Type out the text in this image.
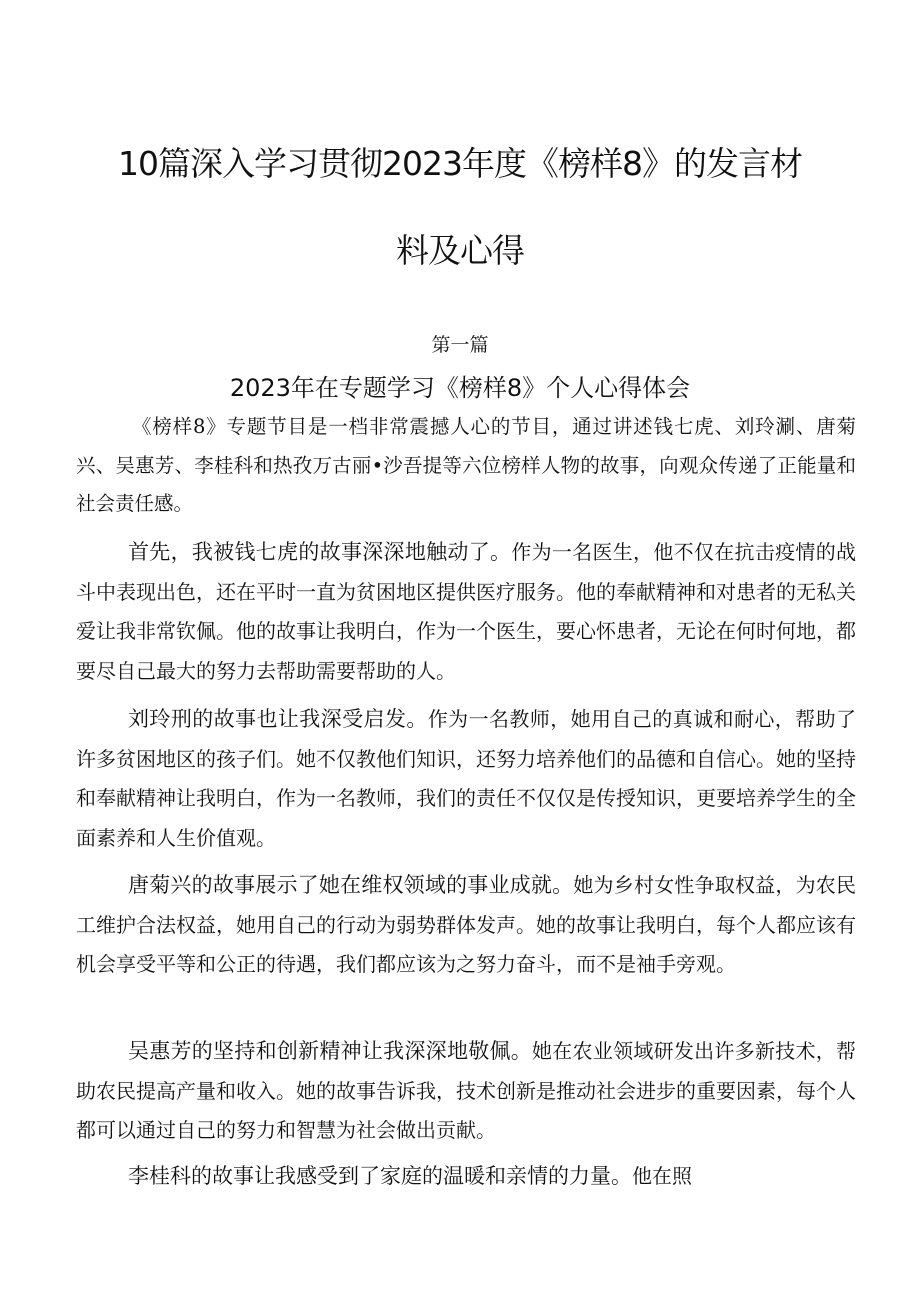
10篇深入学习贯彻2023年度《榜样8》的发言材
料及心得
第一篇
2023年在专题学习《榜样8》个人心得体会

《榜样8》专题节目是一档非常震撼人心的节目，通过讲述钱七虎、刘玲涮、唐菊兴、吴惠芳、李桂科和热孜万古丽•沙吾提等六位榜样人物的故事，向观众传递了正能量和社会责任感。

首先，我被钱七虎的故事深深地触动了。作为一名医生，他不仅在抗击疫情的战斗中表现出色，还在平时一直为贫困地区提供医疗服务。他的奉献精神和对患者的无私关爱让我非常钦佩。他的故事让我明白，作为一个医生，要心怀患者，无论在何时何地，都要尽自己最大的努力去帮助需要帮助的人。

刘玲刑的故事也让我深受启发。作为一名教师，她用自己的真诚和耐心，帮助了许多贫困地区的孩子们。她不仅教他们知识，还努力培养他们的品德和自信心。她的坚持和奉献精神让我明白，作为一名教师，我们的责任不仅仅是传授知识，更要培养学生的全面素养和人生价值观。

唐菊兴的故事展示了她在维权领域的事业成就。她为乡村女性争取权益，为农民工维护合法权益，她用自己的行动为弱势群体发声。她的故事让我明白，每个人都应该有机会享受平等和公正的待遇，我们都应该为之努力奋斗，而不是袖手旁观。

吴惠芳的坚持和创新精神让我深深地敬佩。她在农业领域研发出许多新技术，帮助农民提高产量和收入。她的故事告诉我，技术创新是推动社会进步的重要因素，每个人都可以通过自己的努力和智慧为社会做出贡献。

李桂科的故事让我感受到了家庭的温暖和亲情的力量。他在照
